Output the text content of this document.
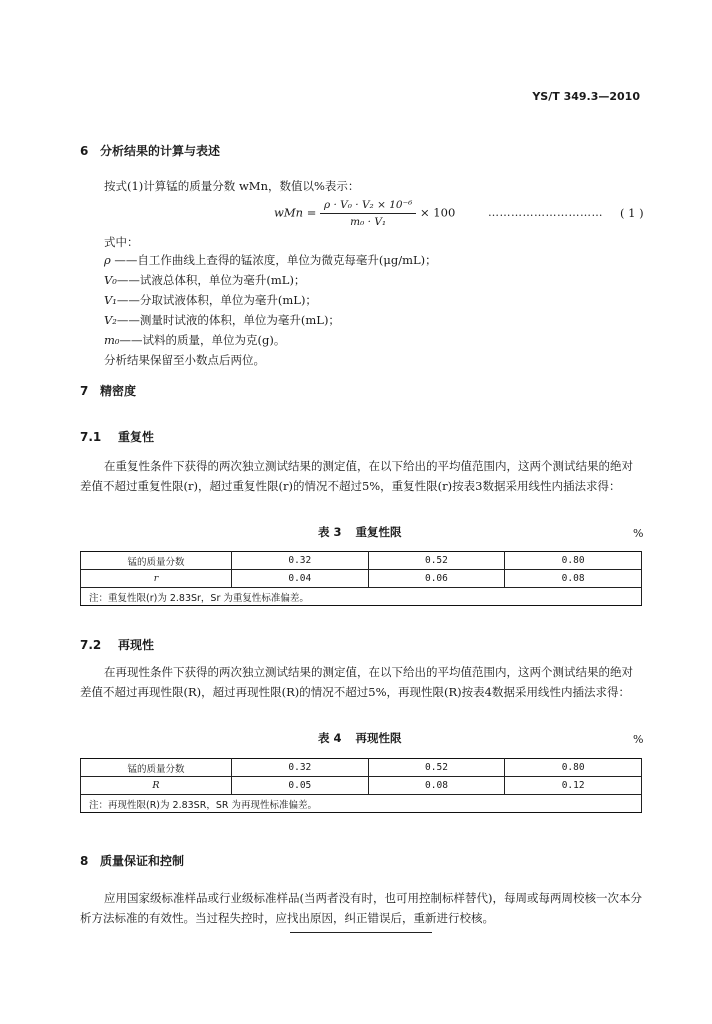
YS/T 349.3—2010
6 分析结果的计算与表述
按式(1)计算锰的质量分数 wMn，数值以%表示：
wMn = $\frac{\text{ρ · V₀ · V₂ × 10⁻⁶}}{\text{m₀ · V₁}} \times 100$	………………………… ( 1 )
式中：
ρ ——自工作曲线上查得的锰浓度，单位为微克每毫升(μg/mL)；
V₀——试液总体积，单位为毫升(mL)；
V₁——分取试液体积，单位为毫升(mL)；
V₂——测量时试液的体积，单位为毫升(mL)；
m₀——试料的质量，单位为克(g)。
分析结果保留至小数点后两位。
7 精密度
7.1 重复性
在重复性条件下获得的两次独立测试结果的测定值，在以下给出的平均值范围内，这两个测试结果的绝对差值不超过重复性限(r)，超过重复性限(r)的情况不超过5%，重复性限(r)按表3数据采用线性内插法求得：
表 3 重复性限	%
锰的质量分数	0.32	0.52	0.80
r	0.04	0.06	0.08
注：重复性限(r)为 2.83Sr，Sr 为重复性标准偏差。			
7.2 再现性
在再现性条件下获得的两次独立测试结果的测定值，在以下给出的平均值范围内，这两个测试结果的绝对差值不超过再现性限(R)，超过再现性限(R)的情况不超过5%，再现性限(R)按表4数据采用线性内插法求得：
表 4 再现性限	%
锰的质量分数	0.32	0.52	0.80
R	0.05	0.08	0.12
注：再现性限(R)为 2.83SR，SR 为再现性标准偏差。			
8 质量保证和控制
应用国家级标准样品或行业级标准样品(当两者没有时，也可用控制标样替代)，每周或每两周校核一次本分析方法标准的有效性。当过程失控时，应找出原因，纠正错误后，重新进行校核。
